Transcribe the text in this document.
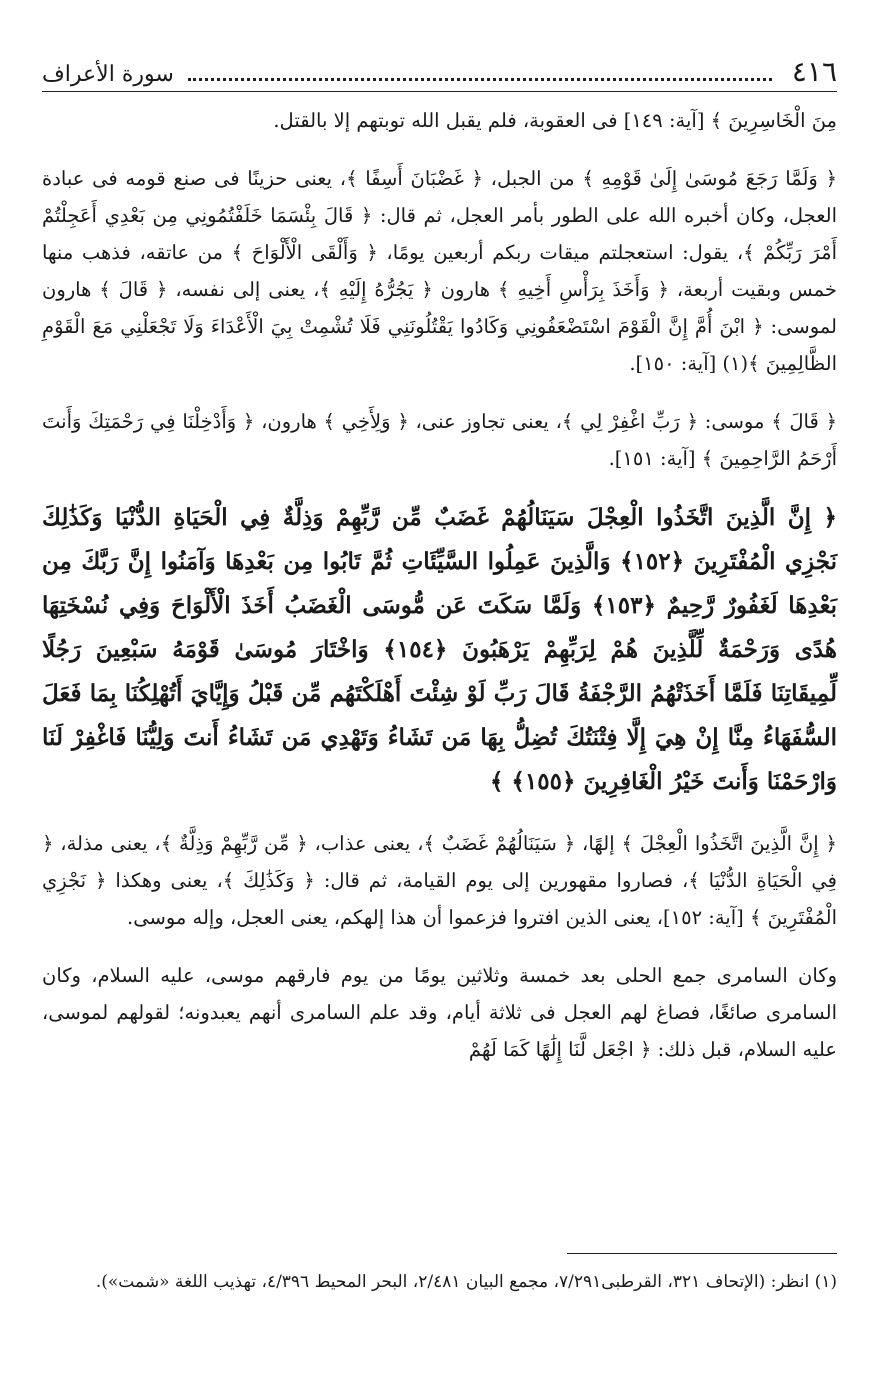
٤١٦
سورة الأعراف

مِنَ الْخَاسِرِينَ ﴾ [آية: ١٤٩] فى العقوبة، فلم يقبل الله توبتهم إلا بالقتل.

﴿ وَلَمَّا رَجَعَ مُوسَىٰ إِلَىٰ قَوْمِهِ ﴾ من الجبل، ﴿ غَضْبَانَ أَسِفًا ﴾، يعنى حزينًا فى صنع قومه فى عبادة العجل، وكان أخبره الله على الطور بأمر العجل، ثم قال: ﴿ قَالَ بِئْسَمَا خَلَفْتُمُونِي مِن بَعْدِي أَعَجِلْتُمْ أَمْرَ رَبِّكُمْ ﴾، يقول: استعجلتم ميقات ربكم أربعين يومًا، ﴿ وَأَلْقَى الْأَلْوَاحَ ﴾ من عاتقه، فذهب منها خمس وبقيت أربعة، ﴿ وَأَخَذَ بِرَأْسِ أَخِيهِ ﴾ هارون ﴿ يَجُرُّهُ إِلَيْهِ ﴾، يعنى إلى نفسه، ﴿ قَالَ ﴾ هارون لموسى: ﴿ ابْنَ أُمَّ إِنَّ الْقَوْمَ اسْتَضْعَفُونِي وَكَادُوا يَقْتُلُونَنِي فَلَا تُشْمِتْ بِيَ الْأَعْدَاءَ وَلَا تَجْعَلْنِي مَعَ الْقَوْمِ الظَّالِمِينَ ﴾(١) [آية: ١٥٠].

﴿ قَالَ ﴾ موسى: ﴿ رَبِّ اغْفِرْ لِي ﴾، يعنى تجاوز عنى، ﴿ وَلِأَخِي ﴾ هارون، ﴿ وَأَدْخِلْنَا فِي رَحْمَتِكَ وَأَنتَ أَرْحَمُ الرَّاحِمِينَ ﴾ [آية: ١٥١].

﴿ إِنَّ الَّذِينَ اتَّخَذُوا الْعِجْلَ سَيَنَالُهُمْ غَضَبٌ مِّن رَّبِّهِمْ وَذِلَّةٌ فِي الْحَيَاةِ الدُّنْيَا وَكَذَٰلِكَ نَجْزِي الْمُفْتَرِينَ ﴿١٥٢﴾ وَالَّذِينَ عَمِلُوا السَّيِّئَاتِ ثُمَّ تَابُوا مِن بَعْدِهَا وَآمَنُوا إِنَّ رَبَّكَ مِن بَعْدِهَا لَغَفُورٌ رَّحِيمٌ ﴿١٥٣﴾ وَلَمَّا سَكَتَ عَن مُّوسَى الْغَضَبُ أَخَذَ الْأَلْوَاحَ وَفِي نُسْخَتِهَا هُدًى وَرَحْمَةٌ لِّلَّذِينَ هُمْ لِرَبِّهِمْ يَرْهَبُونَ ﴿١٥٤﴾ وَاخْتَارَ مُوسَىٰ قَوْمَهُ سَبْعِينَ رَجُلًا لِّمِيقَاتِنَا فَلَمَّا أَخَذَتْهُمُ الرَّجْفَةُ قَالَ رَبِّ لَوْ شِئْتَ أَهْلَكْتَهُم مِّن قَبْلُ وَإِيَّايَ أَتُهْلِكُنَا بِمَا فَعَلَ السُّفَهَاءُ مِنَّا إِنْ هِيَ إِلَّا فِتْنَتُكَ تُضِلُّ بِهَا مَن تَشَاءُ وَتَهْدِي مَن تَشَاءُ أَنتَ وَلِيُّنَا فَاغْفِرْ لَنَا وَارْحَمْنَا وَأَنتَ خَيْرُ الْغَافِرِينَ ﴿١٥٥﴾ ﴾

﴿ إِنَّ الَّذِينَ اتَّخَذُوا الْعِجْلَ ﴾ إلهًا، ﴿ سَيَنَالُهُمْ غَضَبٌ ﴾، يعنى عذاب، ﴿ مِّن رَّبِّهِمْ وَذِلَّةٌ ﴾، يعنى مذلة، ﴿ فِي الْحَيَاةِ الدُّنْيَا ﴾، فصاروا مقهورين إلى يوم القيامة، ثم قال: ﴿ وَكَذَٰلِكَ ﴾، يعنى وهكذا ﴿ نَجْزِي الْمُفْتَرِينَ ﴾ [آية: ١٥٢]، يعنى الذين افتروا فزعموا أن هذا إلهكم، يعنى العجل، وإله موسى.

وكان السامرى جمع الحلى بعد خمسة وثلاثين يومًا من يوم فارقهم موسى، عليه السلام، وكان السامرى صائغًا، فصاغ لهم العجل فى ثلاثة أيام، وقد علم السامرى أنهم يعبدونه؛ لقولهم لموسى، عليه السلام، قبل ذلك: ﴿ اجْعَل لَّنَا إِلَٰهًا كَمَا لَهُمْ

(١) انظر: (الإتحاف ٣٢١، القرطبى٧/٢٩١، مجمع البيان ٢/٤٨١، البحر المحيط ٤/٣٩٦، تهذيب اللغة «شمت»).
